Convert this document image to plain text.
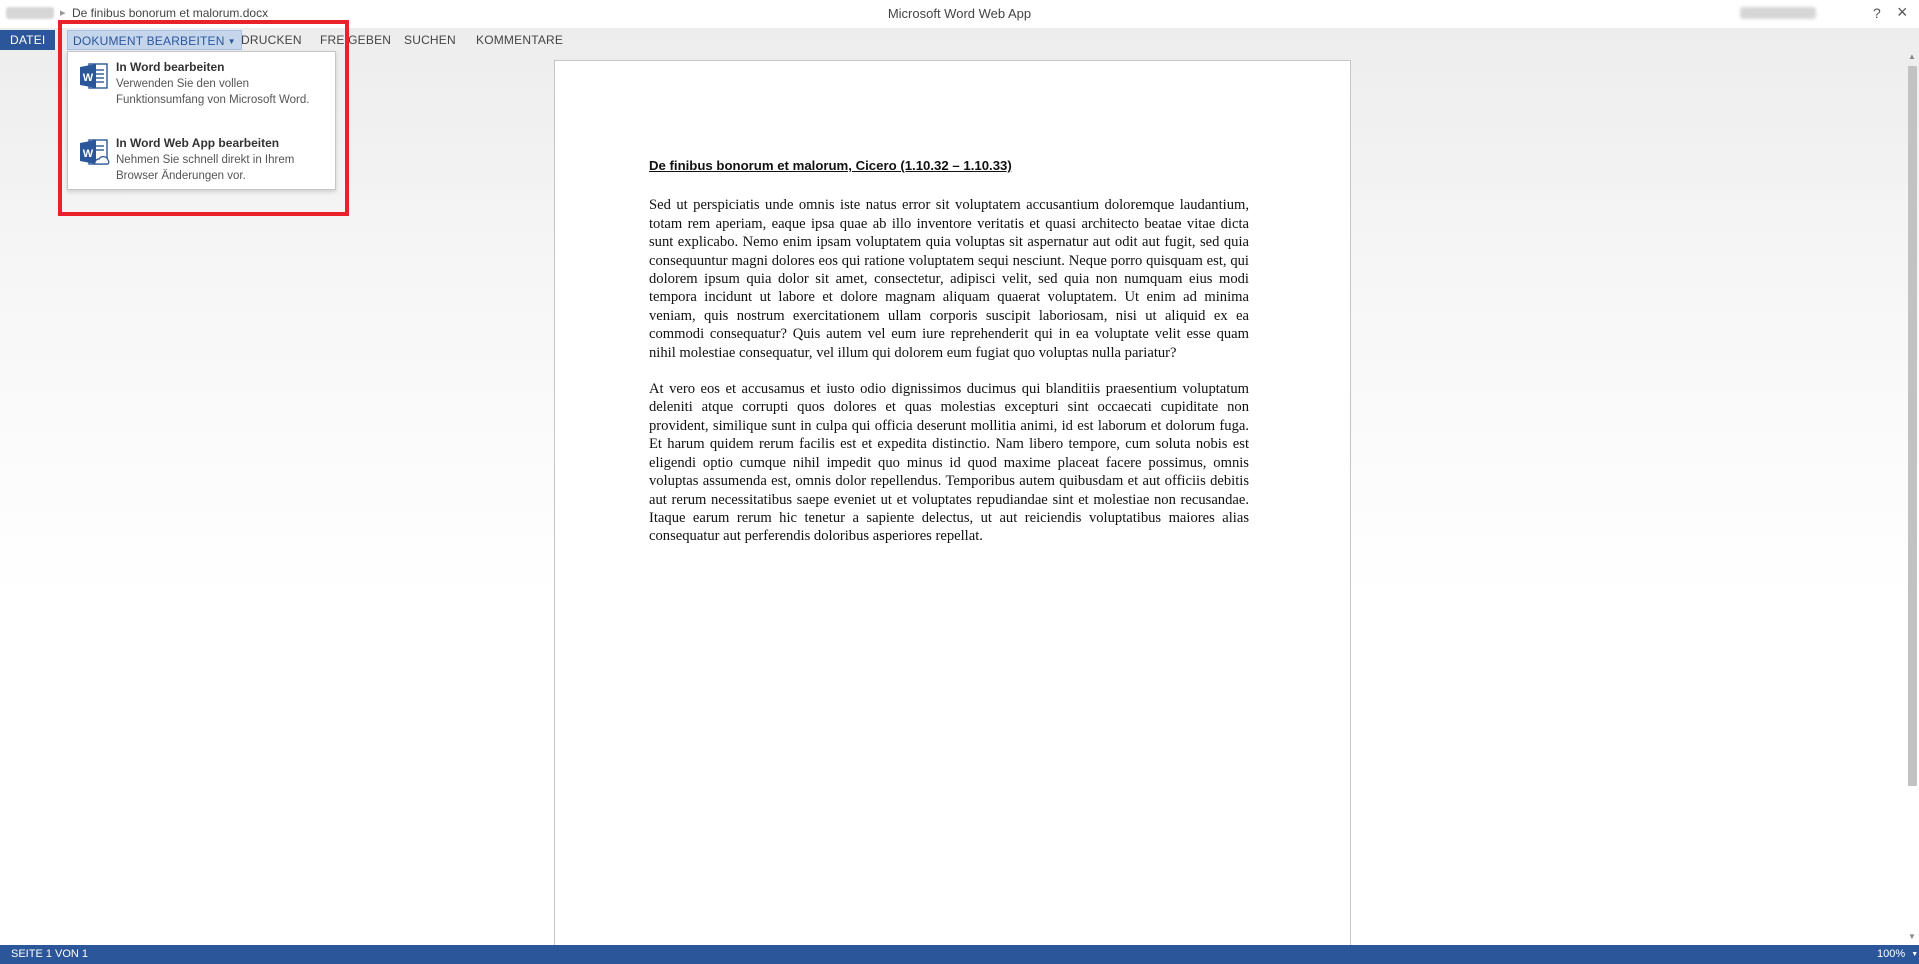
▸ De finibus bonorum et malorum.docx	Microsoft Word Web App	? ×
DATEI	DOKUMENT BEARBEITEN ▼ DRUCKEN	FREIGEBEN	SUCHEN	KOMMENTARE
De finibus bonorum et malorum, Cicero (1.10.32 – 1.10.33)

Sed ut perspiciatis unde omnis iste natus error sit voluptatem accusantium doloremque laudantium, totam rem aperiam, eaque ipsa quae ab illo inventore veritatis et quasi architecto beatae vitae dicta sunt explicabo. Nemo enim ipsam voluptatem quia voluptas sit aspernatur aut odit aut fugit, sed quia consequuntur magni dolores eos qui ratione voluptatem sequi nesciunt. Neque porro quisquam est, qui dolorem ipsum quia dolor sit amet, consectetur, adipisci velit, sed quia non numquam eius modi tempora incidunt ut labore et dolore magnam aliquam quaerat voluptatem. Ut enim ad minima veniam, quis nostrum exercitationem ullam corporis suscipit laboriosam, nisi ut aliquid ex ea commodi consequatur? Quis autem vel eum iure reprehenderit qui in ea voluptate velit esse quam nihil molestiae consequatur, vel illum qui dolorem eum fugiat quo voluptas nulla pariatur?

At vero eos et accusamus et iusto odio dignissimos ducimus qui blanditiis praesentium voluptatum deleniti atque corrupti quos dolores et quas molestias excepturi sint occaecati cupiditate non provident, similique sunt in culpa qui officia deserunt mollitia animi, id est laborum et dolorum fuga. Et harum quidem rerum facilis est et expedita distinctio. Nam libero tempore, cum soluta nobis est eligendi optio cumque nihil impedit quo minus id quod maxime placeat facere possimus, omnis voluptas assumenda est, omnis dolor repellendus. Temporibus autem quibusdam et aut officiis debitis aut rerum necessitatibus saepe eveniet ut et voluptates repudiandae sint et molestiae non recusandae. Itaque earum rerum hic tenetur a sapiente delectus, ut aut reiciendis voluptatibus maiores alias consequatur aut perferendis doloribus asperiores repellat.

W
In Word bearbeiten
Verwenden Sie den vollen Funktionsumfang von Microsoft Word.
W
In Word Web App bearbeiten
Nehmen Sie schnell direkt in Ihrem Browser Änderungen vor.
▲
▼
SEITE 1 VON 1	100% ▼
